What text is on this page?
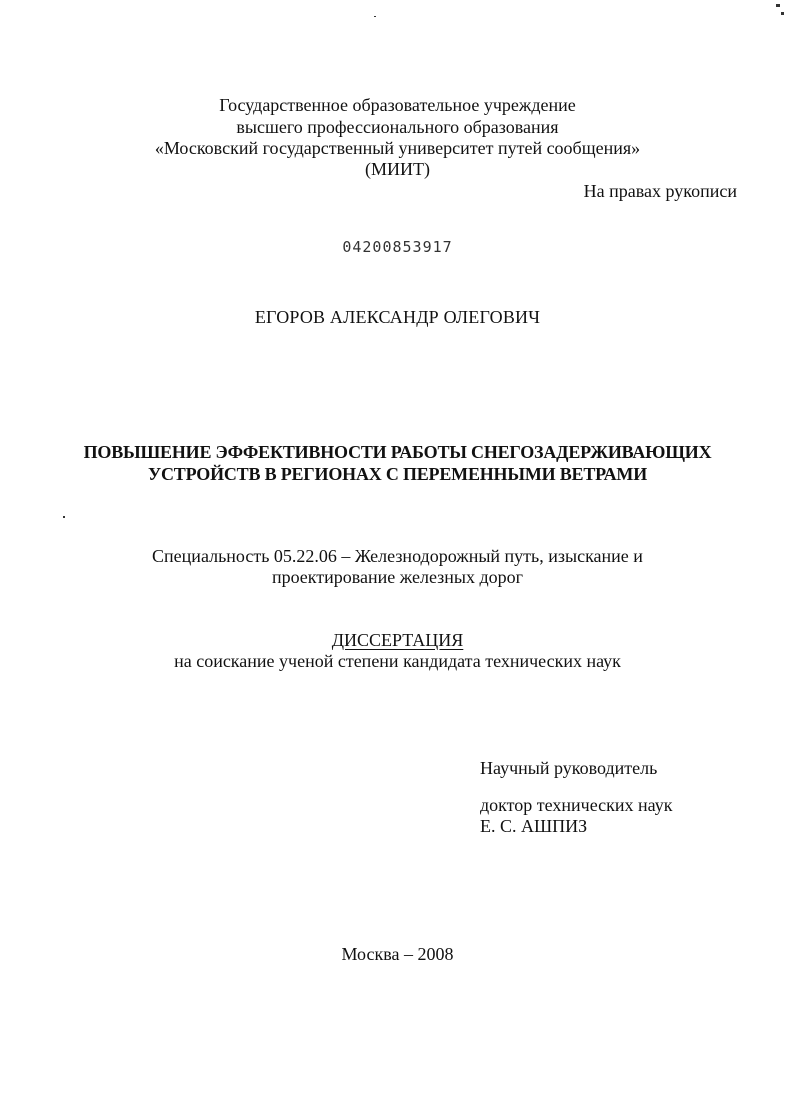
Государственное образовательное учреждение
высшего профессионального образования
«Московский государственный университет путей сообщения»
(МИИТ)
На правах рукописи
04200853917
ЕГОРОВ АЛЕКСАНДР ОЛЕГОВИЧ
ПОВЫШЕНИЕ ЭФФЕКТИВНОСТИ РАБОТЫ СНЕГОЗАДЕРЖИВАЮЩИХ
УСТРОЙСТВ В РЕГИОНАХ С ПЕРЕМЕННЫМИ ВЕТРАМИ
Специальность 05.22.06 – Железнодорожный путь, изыскание и
проектирование железных дорог
ДИССЕРТАЦИЯ
на соискание ученой степени кандидата технических наук
Научный руководитель
доктор технических наук
Е. С. АШПИЗ
Москва – 2008
